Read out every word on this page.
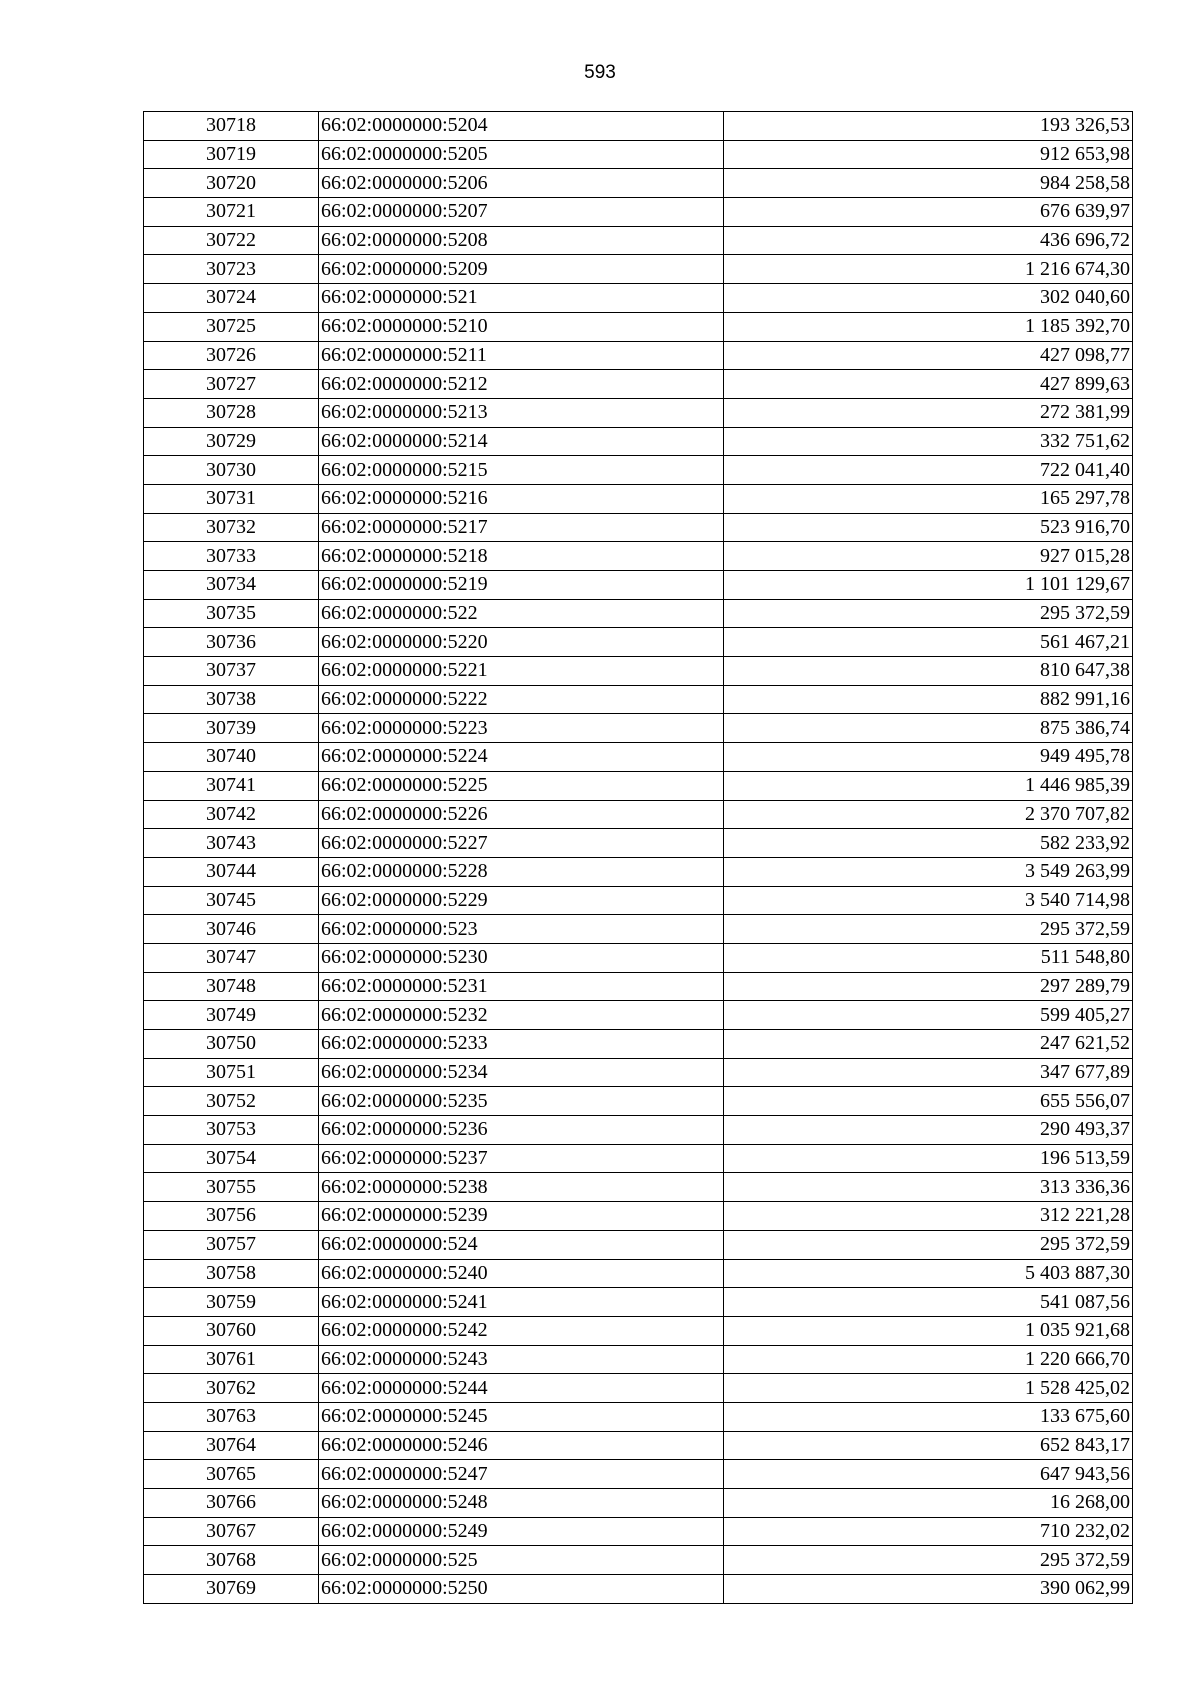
593
30718	66:02:0000000:5204	193 326,53
30719	66:02:0000000:5205	912 653,98
30720	66:02:0000000:5206	984 258,58
30721	66:02:0000000:5207	676 639,97
30722	66:02:0000000:5208	436 696,72
30723	66:02:0000000:5209	1 216 674,30
30724	66:02:0000000:521	302 040,60
30725	66:02:0000000:5210	1 185 392,70
30726	66:02:0000000:5211	427 098,77
30727	66:02:0000000:5212	427 899,63
30728	66:02:0000000:5213	272 381,99
30729	66:02:0000000:5214	332 751,62
30730	66:02:0000000:5215	722 041,40
30731	66:02:0000000:5216	165 297,78
30732	66:02:0000000:5217	523 916,70
30733	66:02:0000000:5218	927 015,28
30734	66:02:0000000:5219	1 101 129,67
30735	66:02:0000000:522	295 372,59
30736	66:02:0000000:5220	561 467,21
30737	66:02:0000000:5221	810 647,38
30738	66:02:0000000:5222	882 991,16
30739	66:02:0000000:5223	875 386,74
30740	66:02:0000000:5224	949 495,78
30741	66:02:0000000:5225	1 446 985,39
30742	66:02:0000000:5226	2 370 707,82
30743	66:02:0000000:5227	582 233,92
30744	66:02:0000000:5228	3 549 263,99
30745	66:02:0000000:5229	3 540 714,98
30746	66:02:0000000:523	295 372,59
30747	66:02:0000000:5230	511 548,80
30748	66:02:0000000:5231	297 289,79
30749	66:02:0000000:5232	599 405,27
30750	66:02:0000000:5233	247 621,52
30751	66:02:0000000:5234	347 677,89
30752	66:02:0000000:5235	655 556,07
30753	66:02:0000000:5236	290 493,37
30754	66:02:0000000:5237	196 513,59
30755	66:02:0000000:5238	313 336,36
30756	66:02:0000000:5239	312 221,28
30757	66:02:0000000:524	295 372,59
30758	66:02:0000000:5240	5 403 887,30
30759	66:02:0000000:5241	541 087,56
30760	66:02:0000000:5242	1 035 921,68
30761	66:02:0000000:5243	1 220 666,70
30762	66:02:0000000:5244	1 528 425,02
30763	66:02:0000000:5245	133 675,60
30764	66:02:0000000:5246	652 843,17
30765	66:02:0000000:5247	647 943,56
30766	66:02:0000000:5248	16 268,00
30767	66:02:0000000:5249	710 232,02
30768	66:02:0000000:525	295 372,59
30769	66:02:0000000:5250	390 062,99
